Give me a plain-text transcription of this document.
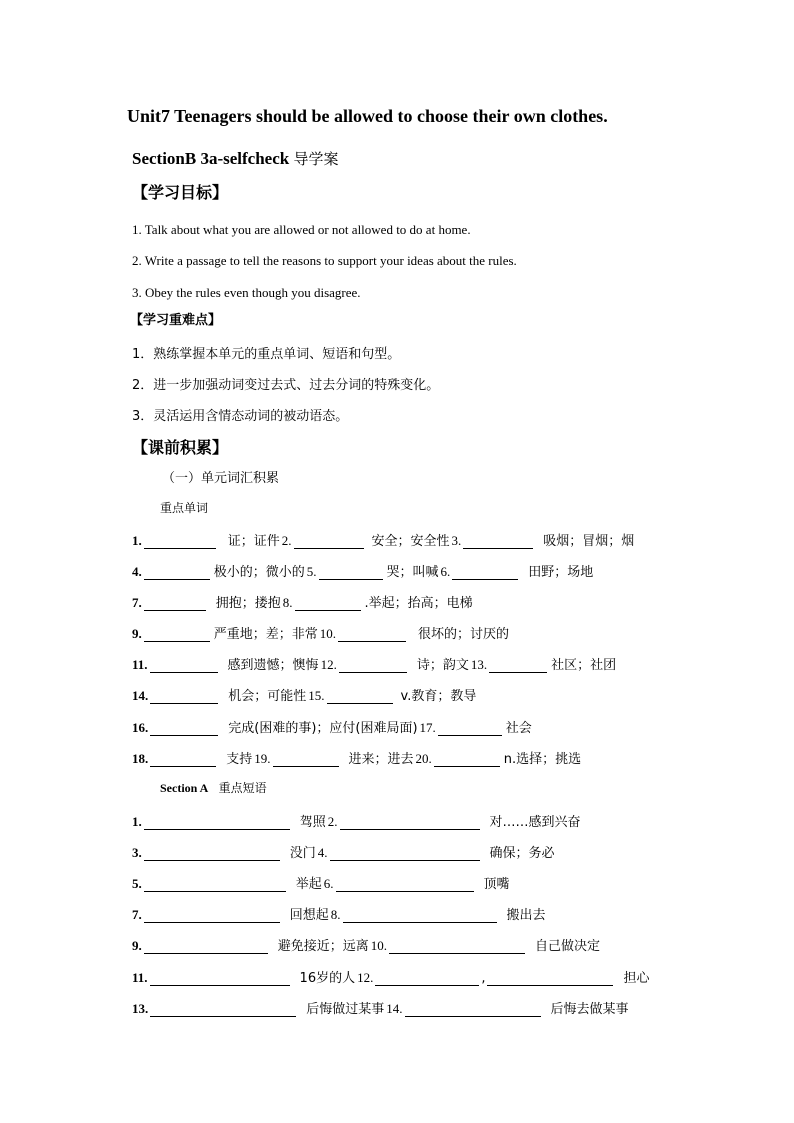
Unit7 Teenagers should be allowed to choose their own clothes.
SectionB 3a-selfcheck 导学案
【学习目标】
1. Talk about what you are allowed or not allowed to do at home.
2. Write a passage to tell the reasons to support your ideas about the rules.
3. Obey the rules even though you disagree.
【学习重难点】
1．熟练掌握本单元的重点单词、短语和句型。
2．进一步加强动词变过去式、过去分词的特殊变化。
3．灵活运用含情态动词的被动语态。
【课前积累】
（一）单元词汇积累
重点单词
1.	证；证件 2.	安全；安全性 3.	吸烟；冒烟；烟
4.	极小的；微小的 5.	哭；叫喊 6.	田野；场地
7.	拥抱；搂抱 8.	.举起；抬高；电梯
9.	严重地；差；非常 10.	很坏的；讨厌的
11.	感到遗憾；懊悔 12.	诗；韵文 13.	社区；社团
14.	机会；可能性 15.	v.教育；教导
16.	完成(困难的事)；应付(困难局面) 17.	社会
18.	支持 19.	进来；进去 20.	n.选择；挑选
Section A 重点短语
1.	驾照 2.	对……感到兴奋
3.	没门 4.	确保；务必
5.	举起 6.	顶嘴
7.	回想起 8.	搬出去
9.	避免接近；远离 10.	自己做决定
11.	16岁的人 12.	,	担心
13.	后悔做过某事 14.	后悔去做某事
